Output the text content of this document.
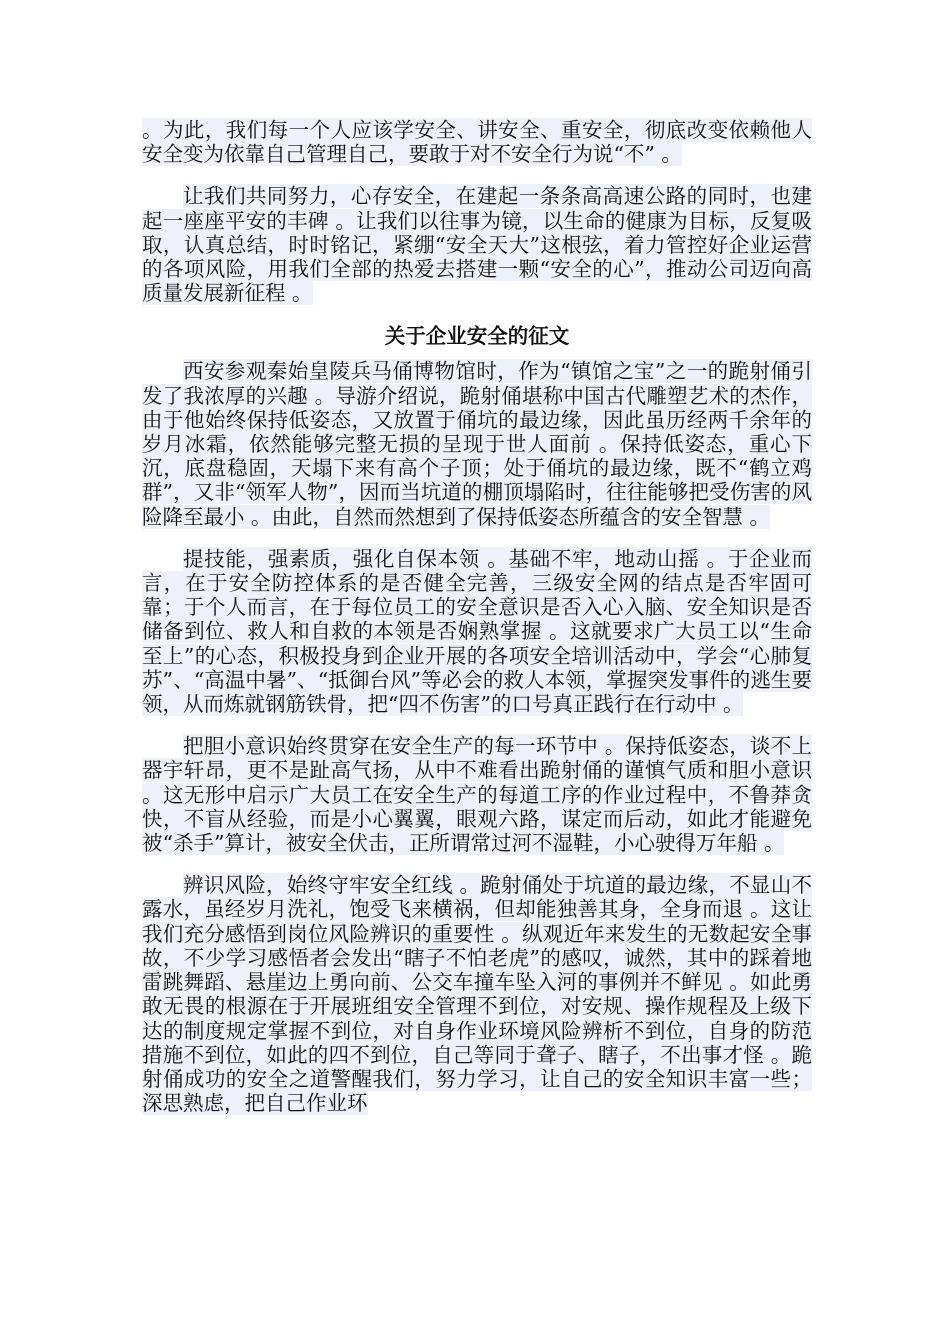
。为此，我们每一个人应该学安全、讲安全、重安全，彻底改变依赖他人安全变为依靠自己管理自己，要敢于对不安全行为说“不” 。

让我们共同努力，心存安全，在建起一条条高高速公路的同时，也建起一座座平安的丰碑 。让我们以往事为镜，以生命的健康为目标，反复吸取，认真总结，时时铭记，紧绷“安全天大”这根弦，着力管控好企业运营的各项风险，用我们全部的热爱去搭建一颗“安全的心”，推动公司迈向高质量发展新征程 。

关于企业安全的征文

西安参观秦始皇陵兵马俑博物馆时，作为“镇馆之宝”之一的跪射俑引发了我浓厚的兴趣 。导游介绍说，跪射俑堪称中国古代雕塑艺术的杰作，由于他始终保持低姿态，又放置于俑坑的最边缘，因此虽历经两千余年的岁月冰霜，依然能够完整无损的呈现于世人面前 。保持低姿态，重心下沉，底盘稳固，天塌下来有高个子顶；处于俑坑的最边缘，既不“鹤立鸡群”，又非“领军人物”，因而当坑道的棚顶塌陷时，往往能够把受伤害的风险降至最小 。由此，自然而然想到了保持低姿态所蕴含的安全智慧 。

提技能，强素质，强化自保本领 。基础不牢，地动山摇 。于企业而言，在于安全防控体系的是否健全完善，三级安全网的结点是否牢固可靠；于个人而言，在于每位员工的安全意识是否入心入脑、安全知识是否储备到位、救人和自救的本领是否娴熟掌握 。这就要求广大员工以“生命至上”的心态，积极投身到企业开展的各项安全培训活动中，学会“心肺复苏”、“高温中暑”、“抵御台风”等必会的救人本领，掌握突发事件的逃生要领，从而炼就钢筋铁骨，把“四不伤害”的口号真正践行在行动中 。

把胆小意识始终贯穿在安全生产的每一环节中 。保持低姿态，谈不上器宇轩昂，更不是趾高气扬，从中不难看出跪射俑的谨慎气质和胆小意识 。这无形中启示广大员工在安全生产的每道工序的作业过程中，不鲁莽贪快，不盲从经验，而是小心翼翼，眼观六路，谋定而后动，如此才能避免被“杀手”算计，被安全伏击，正所谓常过河不湿鞋，小心驶得万年船 。

辨识风险，始终守牢安全红线 。跪射俑处于坑道的最边缘，不显山不露水，虽经岁月洗礼，饱受飞来横祸，但却能独善其身，全身而退 。这让我们充分感悟到岗位风险辨识的重要性 。纵观近年来发生的无数起安全事故，不少学习感悟者会发出“瞎子不怕老虎”的感叹，诚然，其中的踩着地雷跳舞蹈、悬崖边上勇向前、公交车撞车坠入河的事例并不鲜见 。如此勇敢无畏的根源在于开展班组安全管理不到位，对安规、操作规程及上级下达的制度规定掌握不到位，对自身作业环境风险辨析不到位，自身的防范措施不到位，如此的四不到位，自己等同于聋子、瞎子，不出事才怪 。跪射俑成功的安全之道警醒我们，努力学习，让自己的安全知识丰富一些；深思熟虑，把自己作业环
